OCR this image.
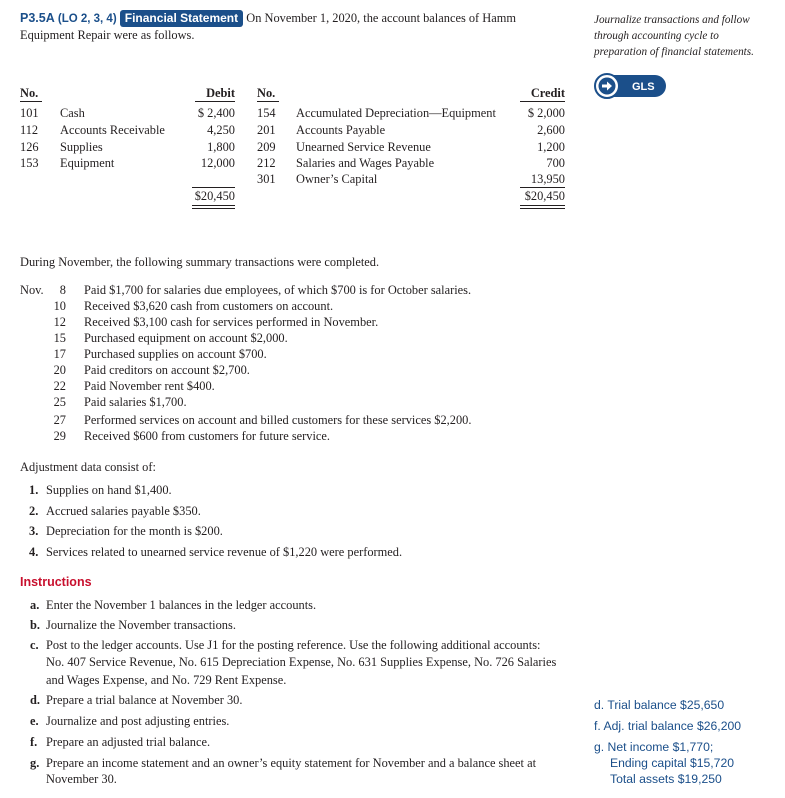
P3.5A (LO 2, 3, 4) Financial Statement On November 1, 2020, the account balances of Hamm
Equipment Repair were as follows.
Journalize transactions and follow
through accounting cycle to
preparation of financial statements.
GLS
No.	Debit No.	Credit
101 Cash	$ 2,400
112 Accounts Receivable	4,250
126 Supplies	1,800
153 Equipment	12,000
154 Accumulated Depreciation—Equipment	$ 2,000
201 Accounts Payable	2,600
209 Unearned Service Revenue	1,200
212 Salaries and Wages Payable	700
301 Owner’s Capital	13,950
$20,450	$20,450
During November, the following summary transactions were completed.
Nov.	8 Paid $1,700 for salaries due employees, of which $700 is for October salaries.
10 Received $3,620 cash from customers on account.
12 Received $3,100 cash for services performed in November.
15 Purchased equipment on account $2,000.
17 Purchased supplies on account $700.
20 Paid creditors on account $2,700.
22 Paid November rent $400.
25 Paid salaries $1,700.
27 Performed services on account and billed customers for these services $2,200.
29 Received $600 from customers for future service.
Adjustment data consist of:
1. Supplies on hand $1,400.
2. Accrued salaries payable $350.
3. Depreciation for the month is $200.
4. Services related to unearned service revenue of $1,220 were performed.
Instructions
a. Enter the November 1 balances in the ledger accounts.
b. Journalize the November transactions.
c. Post to the ledger accounts. Use J1 for the posting reference. Use the following additional accounts:
No. 407 Service Revenue, No. 615 Depreciation Expense, No. 631 Supplies Expense, No. 726 Salaries
and Wages Expense, and No. 729 Rent Expense.
d. Prepare a trial balance at November 30.
e. Journalize and post adjusting entries.
f. Prepare an adjusted trial balance.
g. Prepare an income statement and an owner’s equity statement for November and a balance sheet at
November 30.
d. Trial balance $25,650
f. Adj. trial balance $26,200
g. Net income $1,770;
Ending capital $15,720
Total assets $19,250
